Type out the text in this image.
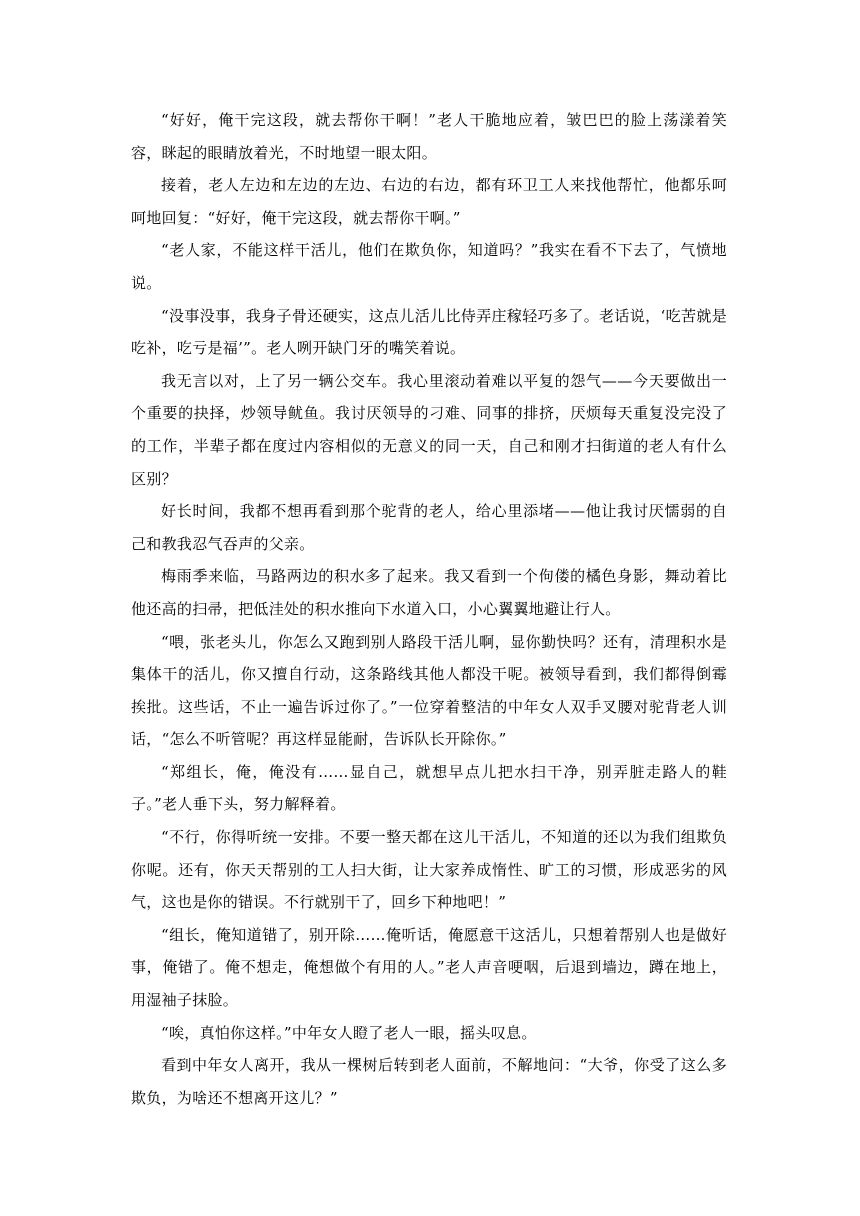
“好好，俺干完这段，就去帮你干啊！”老人干脆地应着，皱巴巴的脸上荡漾着笑容，眯起的眼睛放着光，不时地望一眼太阳。

接着，老人左边和左边的左边、右边的右边，都有环卫工人来找他帮忙，他都乐呵呵地回复：“好好，俺干完这段，就去帮你干啊。”

“老人家，不能这样干活儿，他们在欺负你，知道吗？”我实在看不下去了，气愤地说。

“没事没事，我身子骨还硬实，这点儿活儿比侍弄庄稼轻巧多了。老话说，‘吃苦就是吃补，吃亏是福’”。老人咧开缺门牙的嘴笑着说。

我无言以对，上了另一辆公交车。我心里滚动着难以平复的怨气——今天要做出一个重要的抉择，炒领导鱿鱼。我讨厌领导的刁难、同事的排挤，厌烦每天重复没完没了的工作，半辈子都在度过内容相似的无意义的同一天，自己和刚才扫街道的老人有什么区别？

好长时间，我都不想再看到那个驼背的老人，给心里添堵——他让我讨厌懦弱的自己和教我忍气吞声的父亲。

梅雨季来临，马路两边的积水多了起来。我又看到一个佝偻的橘色身影，舞动着比他还高的扫帚，把低洼处的积水推向下水道入口，小心翼翼地避让行人。

“喂，张老头儿，你怎么又跑到别人路段干活儿啊，显你勤快吗？还有，清理积水是集体干的活儿，你又擅自行动，这条路线其他人都没干呢。被领导看到，我们都得倒霉挨批。这些话，不止一遍告诉过你了。”一位穿着整洁的中年女人双手叉腰对驼背老人训话，“怎么不听管呢？再这样显能耐，告诉队长开除你。”

“郑组长，俺，俺没有……显自己，就想早点儿把水扫干净，别弄脏走路人的鞋子。”老人垂下头，努力解释着。

“不行，你得听统一安排。不要一整天都在这儿干活儿，不知道的还以为我们组欺负你呢。还有，你天天帮别的工人扫大街，让大家养成惰性、旷工的习惯，形成恶劣的风气，这也是你的错误。不行就别干了，回乡下种地吧！”

“组长，俺知道错了，别开除……俺听话，俺愿意干这活儿，只想着帮别人也是做好事，俺错了。俺不想走，俺想做个有用的人。”老人声音哽咽，后退到墙边，蹲在地上，用湿袖子抹脸。

“唉，真怕你这样。”中年女人瞪了老人一眼，摇头叹息。

看到中年女人离开，我从一棵树后转到老人面前，不解地问：“大爷，你受了这么多欺负，为啥还不想离开这儿？”
